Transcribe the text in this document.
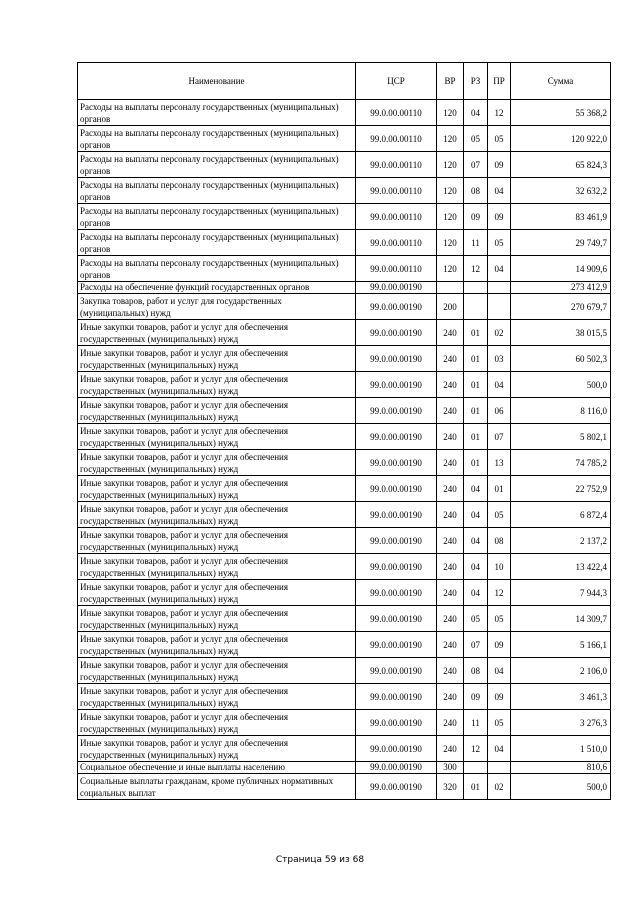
Наименование	ЦСР	ВР	РЗ	ПР	Сумма
Расходы на выплаты персоналу государственных (муниципальных) органов	99.0.00.00110	120	04	12	55 368,2
Расходы на выплаты персоналу государственных (муниципальных) органов	99.0.00.00110	120	05	05	120 922,0
Расходы на выплаты персоналу государственных (муниципальных) органов	99.0.00.00110	120	07	09	65 824,3
Расходы на выплаты персоналу государственных (муниципальных) органов	99.0.00.00110	120	08	04	32 632,2
Расходы на выплаты персоналу государственных (муниципальных) органов	99.0.00.00110	120	09	09	83 461,9
Расходы на выплаты персоналу государственных (муниципальных) органов	99.0.00.00110	120	11	05	29 749,7
Расходы на выплаты персоналу государственных (муниципальных) органов	99.0.00.00110	120	12	04	14 909,6
Расходы на обеспечение функций государственных органов	99.0.00.00190				273 412,9
Закупка товаров, работ и услуг для государственных (муниципальных) нужд	99.0.00.00190	200			270 679,7
Иные закупки товаров, работ и услуг для обеспечения государственных (муниципальных) нужд	99.0.00.00190	240	01	02	38 015,5
Иные закупки товаров, работ и услуг для обеспечения государственных (муниципальных) нужд	99.0.00.00190	240	01	03	60 502,3
Иные закупки товаров, работ и услуг для обеспечения государственных (муниципальных) нужд	99.0.00.00190	240	01	04	500,0
Иные закупки товаров, работ и услуг для обеспечения государственных (муниципальных) нужд	99.0.00.00190	240	01	06	8 116,0
Иные закупки товаров, работ и услуг для обеспечения государственных (муниципальных) нужд	99.0.00.00190	240	01	07	5 802,1
Иные закупки товаров, работ и услуг для обеспечения государственных (муниципальных) нужд	99.0.00.00190	240	01	13	74 785,2
Иные закупки товаров, работ и услуг для обеспечения государственных (муниципальных) нужд	99.0.00.00190	240	04	01	22 752,9
Иные закупки товаров, работ и услуг для обеспечения государственных (муниципальных) нужд	99.0.00.00190	240	04	05	6 872,4
Иные закупки товаров, работ и услуг для обеспечения государственных (муниципальных) нужд	99.0.00.00190	240	04	08	2 137,2
Иные закупки товаров, работ и услуг для обеспечения государственных (муниципальных) нужд	99.0.00.00190	240	04	10	13 422,4
Иные закупки товаров, работ и услуг для обеспечения государственных (муниципальных) нужд	99.0.00.00190	240	04	12	7 944,3
Иные закупки товаров, работ и услуг для обеспечения государственных (муниципальных) нужд	99.0.00.00190	240	05	05	14 309,7
Иные закупки товаров, работ и услуг для обеспечения государственных (муниципальных) нужд	99.0.00.00190	240	07	09	5 166,1
Иные закупки товаров, работ и услуг для обеспечения государственных (муниципальных) нужд	99.0.00.00190	240	08	04	2 106,0
Иные закупки товаров, работ и услуг для обеспечения государственных (муниципальных) нужд	99.0.00.00190	240	09	09	3 461,3
Иные закупки товаров, работ и услуг для обеспечения государственных (муниципальных) нужд	99.0.00.00190	240	11	05	3 276,3
Иные закупки товаров, работ и услуг для обеспечения государственных (муниципальных) нужд	99.0.00.00190	240	12	04	1 510,0
Социальное обеспечение и иные выплаты населению	99.0.00.00190	300			810,6
Социальные выплаты гражданам, кроме публичных нормативных социальных выплат	99.0.00.00190	320	01	02	500,0
Страница 59 из 68
